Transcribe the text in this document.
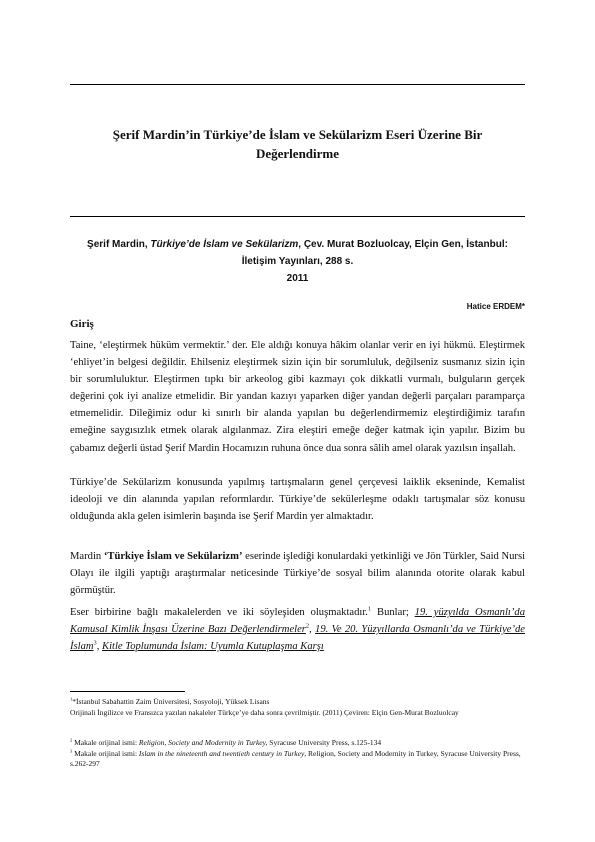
Şerif Mardin’in Türkiye’de İslam ve Sekülarizm Eseri Üzerine Bir
Değerlendirme
Şerif Mardin, Türkiye’de İslam ve Sekülarizm, Çev. Murat Bozluolcay, Elçin Gen, İstanbul:
İletişim Yayınları, 288 s.
2011
Hatice ERDEM*
Giriş

Taine, ‘eleştirmek hüküm vermektir.’ der. Ele aldığı konuya hâkim olanlar verir en iyi hükmü. Eleştirmek ‘ehliyet’in belgesi değildir. Ehilseniz eleştirmek sizin için bir sorumluluk, değilseniz susmanız sizin için bir sorumluluktur. Eleştirmen tıpkı bir arkeolog gibi kazmayı çok dikkatli vurmalı, bulguların gerçek değerini çok iyi analize etmelidir. Bir yandan kazıyı yaparken diğer yandan değerli parçaları paramparça etmemelidir. Dileğimiz odur ki sınırlı bir alanda yapılan bu değerlendirmemiz eleştirdiğimiz tarafın emeğine saygısızlık etmek olarak algılanmaz. Zira eleştiri emeğe değer katmak için yapılır. Bizim bu çabamız değerli üstad Şerif Mardin Hocamızın ruhuna önce dua sonra sâlih amel olarak yazılsın inşallah.

Türkiye’de Sekülarizm konusunda yapılmış tartışmaların genel çerçevesi laiklik ekseninde, Kemalist ideoloji ve din alanında yapılan reformlardır. Türkiye’de sekülerleşme odaklı tartışmalar söz konusu olduğunda akla gelen isimlerin başında ise Şerif Mardin yer almaktadır.

Mardin ‘Türkiye İslam ve Sekülarizm’ eserinde işlediği konulardaki yetkinliği ve Jön Türkler, Said Nursi Olayı ile ilgili yaptığı araştırmalar neticesinde Türkiye’de sosyal bilim alanında otorite olarak kabul görmüştür.

Eser birbirine bağlı makalelerden ve iki söyleşiden oluşmaktadır.$^1$ Bunlar; 19. yüzyılda Osmanlı’da Kamusal Kimlik İnşası Üzerine Bazı Değerlendirmeler$^2$, 19. Ve 20. Yüzyıllarda Osmanlı’da ve Türkiye’de İslam$^3$, Kitle Toplumunda İslam: Uyumla Kutuplaşma Karşı

$^1$*İstanbul Sabahattin Zaim Üniversitesi, Sosyoloji, Yüksek Lisans

Orijinali İngilizce ve Fransızca yazılan nakaleler Türkçe’ye daha sonra çevrilmiştir. (2011) Çeviren: Elçin Gen-Murat Bozluolcay

$^2$ Makale orijinal ismi: Religion, Society and Modernity in Turkey, Syracuse University Press, s.125-134

$^3$ Makale orijinal ismi: Islam in the nineteenth and twentieth century in Turkey, Religion, Society and Modernity in Turkey, Syracuse University Press, s.262-297
